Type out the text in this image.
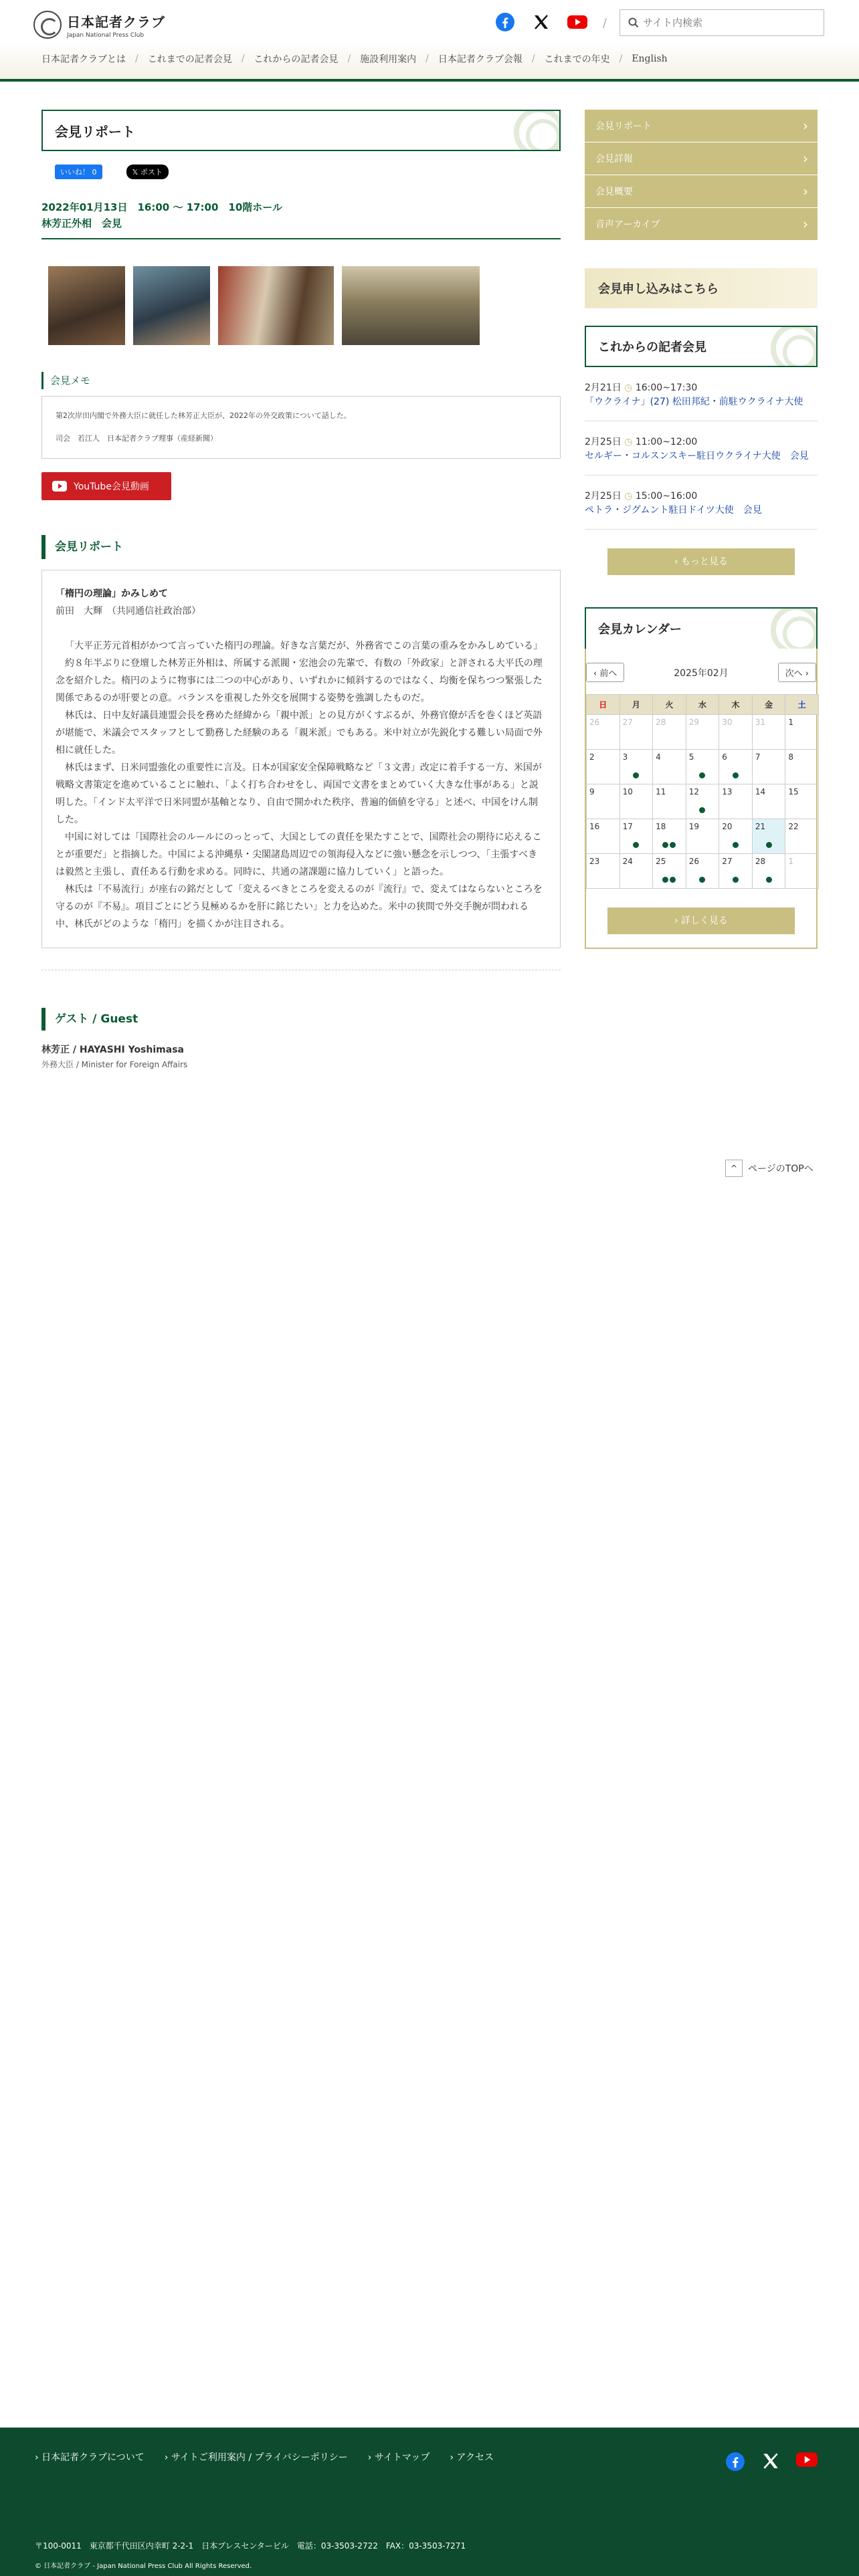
日本記者クラブ
Japan National Press Club
/
サイト内検索
日本記者クラブとは / これまでの記者会見 / これからの記者会見 / 施設利用案内 / 日本記者クラブ会報 / これまでの年史 / English
会見リポート
いいね！ 0	𝕏 ポスト
2022年01月13日　16:00 ～ 17:00　10階ホール
林芳正外相　会見
会見メモ
第2次岸田内閣で外務大臣に就任した林芳正大臣が、2022年の外交政策について話した。
司会　若江人　日本記者クラブ理事（産経新聞）
YouTube会見動画
会見リポート
「楕円の理論」かみしめて
前田　大輝　（共同通信社政治部）

「大平正芳元首相がかつて言っていた楕円の理論。好きな言葉だが、外務省でこの言葉の重みをかみしめている」

約８年半ぶりに登壇した林芳正外相は、所属する派閥・宏池会の先輩で、有数の「外政家」と評される大平氏の理念を紹介した。楕円のように物事には二つの中心があり、いずれかに傾斜するのではなく、均衡を保ちつつ緊張した関係であるのが肝要との意。バランスを重視した外交を展開する姿勢を強調したものだ。

林氏は、日中友好議員連盟会長を務めた経緯から「親中派」との見方がくすぶるが、外務官僚が舌を巻くほど英語が堪能で、米議会でスタッフとして勤務した経験のある「親米派」でもある。米中対立が先鋭化する難しい局面で外相に就任した。

林氏はまず、日米同盟強化の重要性に言及。日本が国家安全保障戦略など「３文書」改定に着手する一方、米国が戦略文書策定を進めていることに触れ、「よく打ち合わせをし、両国で文書をまとめていく大きな仕事がある」と説明した。「インド太平洋で日米同盟が基軸となり、自由で開かれた秩序、普遍的価値を守る」と述べ、中国をけん制した。

中国に対しては「国際社会のルールにのっとって、大国としての責任を果たすことで、国際社会の期待に応えることが重要だ」と指摘した。中国による沖縄県・尖閣諸島周辺での領海侵入などに強い懸念を示しつつ、「主張すべきは毅然と主張し、責任ある行動を求める。同時に、共通の諸課題に協力していく」と語った。

林氏は「不易流行」が座右の銘だとして「変えるべきところを変えるのが『流行』で、変えてはならないところを守るのが『不易』。項目ごとにどう見極めるかを肝に銘じたい」と力を込めた。米中の狭間で外交手腕が問われる中、林氏がどのような「楕円」を描くかが注目される。

ゲスト / Guest
林芳正 / HAYASHI Yoshimasa
外務大臣 / Minister for Foreign Affairs
会見リポート ›
会見詳報 ›
会見概要 ›
音声アーカイブ ›
会見申し込みはこちら
これからの記者会見
2月21日 ◷ 16:00~17:30
「ウクライナ」(27) 松田邦紀・前駐ウクライナ大使
2月25日 ◷ 11:00~12:00
セルギー・コルスンスキー駐日ウクライナ大使　会見
2月25日 ◷ 15:00~16:00
ペトラ・ジグムント駐日ドイツ大使　会見
› もっと見る
会見カレンダー
‹ 前へ	2025年02月	次へ ›
日	月	火	水	木	金	土
26	27	28	29	30	31	1
2	3	4	5	6	7	8
9	10	11	12	13	14	15
16	17	18	19	20	21	22
23	24	25	26	27	28	1
› 詳しく見る
^	ページのTOPへ
› 日本記者クラブについて › サイトご利用案内 / プライバシーポリシー › サイトマップ › アクセス
〒100-0011　東京都千代田区内幸町 2-2-1　日本プレスセンタービル　電話：03-3503-2722　FAX：03-3503-7271
© 日本記者クラブ - Japan National Press Club All Rights Reserved.
